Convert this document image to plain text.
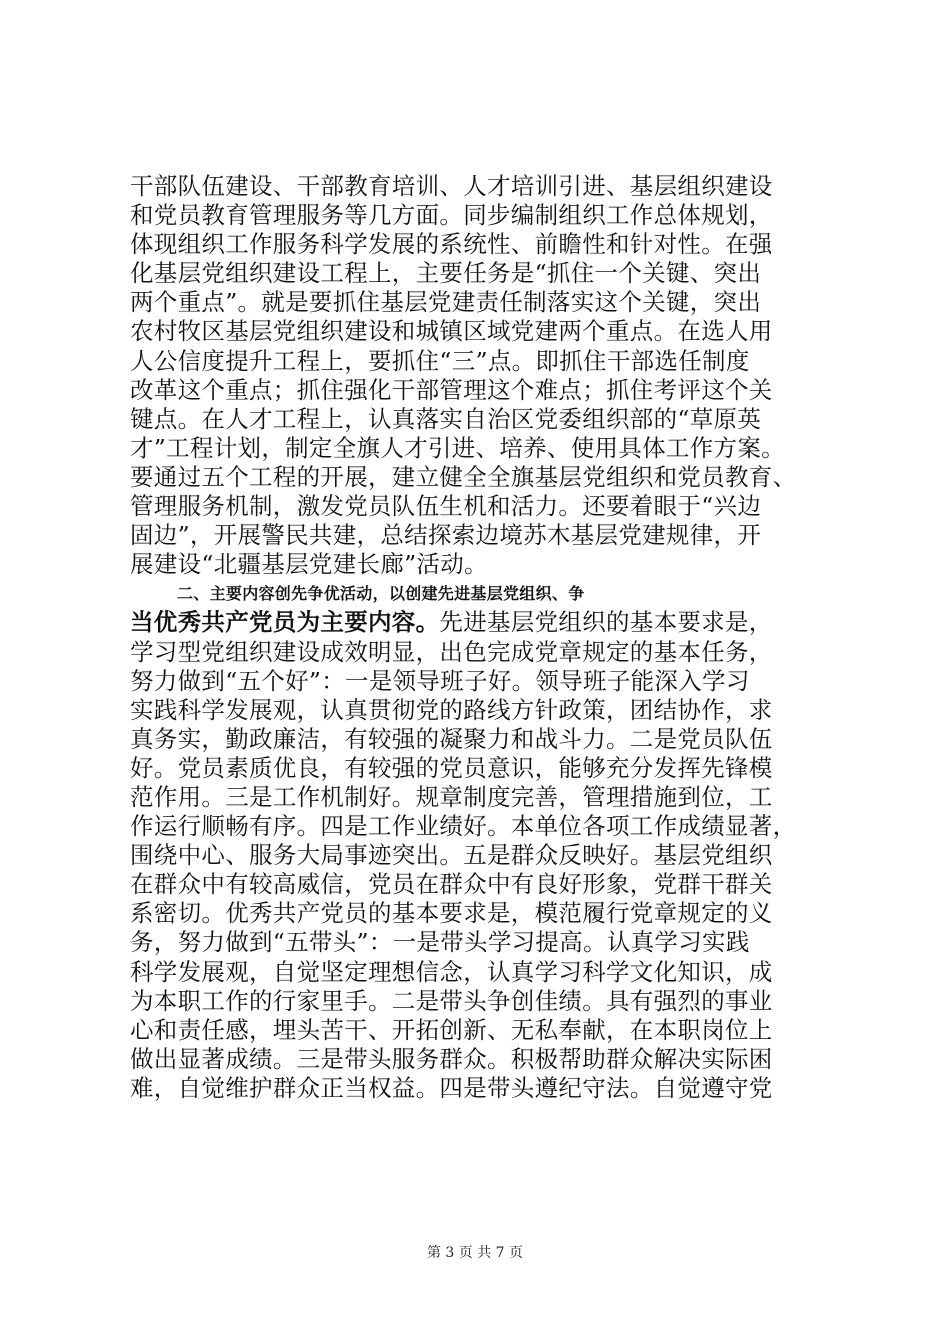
干部队伍建设、干部教育培训、人才培训引进、基层组织建设
和党员教育管理服务等几方面。同步编制组织工作总体规划，
体现组织工作服务科学发展的系统性、前瞻性和针对性。在强
化基层党组织建设工程上，主要任务是“抓住一个关键、突出
两个重点”。就是要抓住基层党建责任制落实这个关键，突出
农村牧区基层党组织建设和城镇区域党建两个重点。在选人用
人公信度提升工程上，要抓住“三”点。即抓住干部选任制度
改革这个重点；抓住强化干部管理这个难点；抓住考评这个关
键点。在人才工程上，认真落实自治区党委组织部的“草原英
才”工程计划，制定全旗人才引进、培养、使用具体工作方案。
要通过五个工程的开展，建立健全全旗基层党组织和党员教育、
管理服务机制，激发党员队伍生机和活力。还要着眼于“兴边
固边”，开展警民共建，总结探索边境苏木基层党建规律，开
展建设“北疆基层党建长廊”活动。
二、主要内容创先争优活动，以创建先进基层党组织、争
当优秀共产党员为主要内容。先进基层党组织的基本要求是，
学习型党组织建设成效明显，出色完成党章规定的基本任务，
努力做到“五个好”：一是领导班子好。领导班子能深入学习
实践科学发展观，认真贯彻党的路线方针政策，团结协作，求
真务实，勤政廉洁，有较强的凝聚力和战斗力。二是党员队伍
好。党员素质优良，有较强的党员意识，能够充分发挥先锋模
范作用。三是工作机制好。规章制度完善，管理措施到位，工
作运行顺畅有序。四是工作业绩好。本单位各项工作成绩显著，
围绕中心、服务大局事迹突出。五是群众反映好。基层党组织
在群众中有较高威信，党员在群众中有良好形象，党群干群关
系密切。优秀共产党员的基本要求是，模范履行党章规定的义
务，努力做到“五带头”：一是带头学习提高。认真学习实践
科学发展观，自觉坚定理想信念，认真学习科学文化知识，成
为本职工作的行家里手。二是带头争创佳绩。具有强烈的事业
心和责任感，埋头苦干、开拓创新、无私奉献，在本职岗位上
做出显著成绩。三是带头服务群众。积极帮助群众解决实际困
难，自觉维护群众正当权益。四是带头遵纪守法。自觉遵守党
第 3 页 共 7 页
